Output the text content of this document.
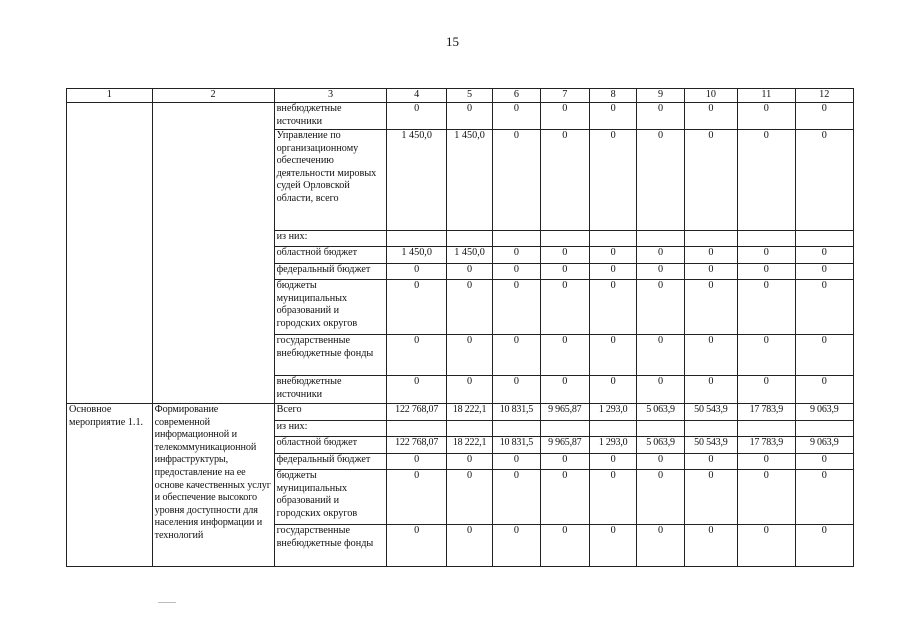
15
1	2	3	4	5	6	7	8	9	10	11	12
		внебюджетные источники	0	0	0	0	0	0	0	0	0
		Управление по организационному обеспечению деятельности мировых судей Орловской области, всего	1 450,0	1 450,0	0	0	0	0	0	0	0
		из них:									
		областной бюджет	1 450,0	1 450,0	0	0	0	0	0	0	0
		федеральный бюджет	0	0	0	0	0	0	0	0	0
		бюджеты муниципальных образований и городских округов	0	0	0	0	0	0	0	0	0
		государственные внебюджетные фонды	0	0	0	0	0	0	0	0	0
		внебюджетные источники	0	0	0	0	0	0	0	0	0
Основное мероприятие 1.1.	Формирование современной информационной и телекоммуникационной инфраструктуры, предоставление на ее основе качественных услуг и обеспечение высокого уровня доступности для населения информации и технологий	Всего	122 768,07	18 222,1	10 831,5	9 965,87	1 293,0	5 063,9	50 543,9	17 783,9	9 063,9
		из них:									
		областной бюджет	122 768,07	18 222,1	10 831,5	9 965,87	1 293,0	5 063,9	50 543,9	17 783,9	9 063,9
		федеральный бюджет	0	0	0	0	0	0	0	0	0
		бюджеты муниципальных образований и городских округов	0	0	0	0	0	0	0	0	0
		государственные внебюджетные фонды	0	0	0	0	0	0	0	0	0
